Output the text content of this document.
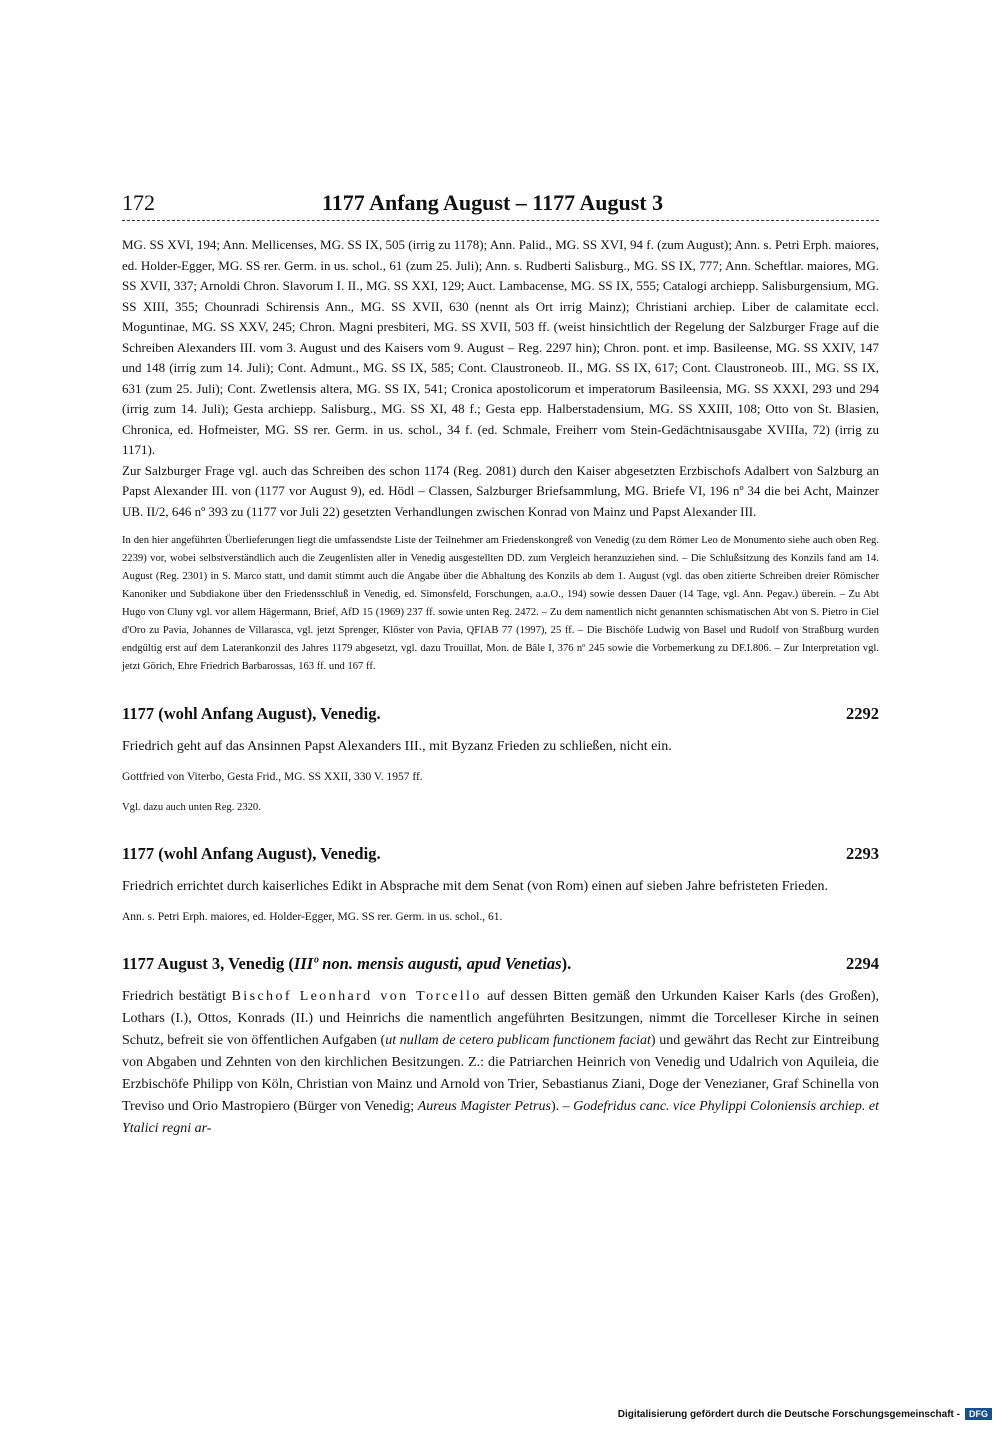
172	1177 Anfang August – 1177 August 3

MG. SS XVI, 194; Ann. Mellicenses, MG. SS IX, 505 (irrig zu 1178); Ann. Palid., MG. SS XVI, 94 f. (zum August); Ann. s. Petri Erph. maiores, ed. Holder-Egger, MG. SS rer. Germ. in us. schol., 61 (zum 25. Juli); Ann. s. Rudberti Salisburg., MG. SS IX, 777; Ann. Scheftlar. maiores, MG. SS XVII, 337; Arnoldi Chron. Slavorum I. II., MG. SS XXI, 129; Auct. Lambacense, MG. SS IX, 555; Catalogi archiepp. Salisburgensium, MG. SS XIII, 355; Chounradi Schirensis Ann., MG. SS XVII, 630 (nennt als Ort irrig Mainz); Christiani archiep. Liber de calamitate eccl. Moguntinae, MG. SS XXV, 245; Chron. Magni presbiteri, MG. SS XVII, 503 ff. (weist hinsichtlich der Regelung der Salzburger Frage auf die Schreiben Alexanders III. vom 3. August und des Kaisers vom 9. August – Reg. 2297 hin); Chron. pont. et imp. Basileense, MG. SS XXIV, 147 und 148 (irrig zum 14. Juli); Cont. Admunt., MG. SS IX, 585; Cont. Claustroneob. II., MG. SS IX, 617; Cont. Claustroneob. III., MG. SS IX, 631 (zum 25. Juli); Cont. Zwetlensis altera, MG. SS IX, 541; Cronica apostolicorum et imperatorum Basileensia, MG. SS XXXI, 293 und 294 (irrig zum 14. Juli); Gesta archiepp. Salisburg., MG. SS XI, 48 f.; Gesta epp. Halberstadensium, MG. SS XXIII, 108; Otto von St. Blasien, Chronica, ed. Hofmeister, MG. SS rer. Germ. in us. schol., 34 f. (ed. Schmale, Freiherr vom Stein-Gedächtnisausgabe XVIIIa, 72) (irrig zu 1171).

Zur Salzburger Frage vgl. auch das Schreiben des schon 1174 (Reg. 2081) durch den Kaiser abgesetzten Erzbischofs Adalbert von Salzburg an Papst Alexander III. von (1177 vor August 9), ed. Hödl – Classen, Salzburger Briefsammlung, MG. Briefe VI, 196 nº 34 die bei Acht, Mainzer UB. II/2, 646 nº 393 zu (1177 vor Juli 22) gesetzten Verhandlungen zwischen Konrad von Mainz und Papst Alexander III.

In den hier angeführten Überlieferungen liegt die umfassendste Liste der Teilnehmer am Friedenskongreß von Venedig (zu dem Römer Leo de Monumento siehe auch oben Reg. 2239) vor, wobei selbstverständlich auch die Zeugenlisten aller in Venedig ausgestellten DD. zum Vergleich heranzuziehen sind. – Die Schlußsitzung des Konzils fand am 14. August (Reg. 2301) in S. Marco statt, und damit stimmt auch die Angabe über die Abhaltung des Konzils ab dem 1. August (vgl. das oben zitierte Schreiben dreier Römischer Kanoniker und Subdiakone über den Friedensschluß in Venedig, ed. Simonsfeld, Forschungen, a.a.O., 194) sowie dessen Dauer (14 Tage, vgl. Ann. Pegav.) überein. – Zu Abt Hugo von Cluny vgl. vor allem Hägermann, Brief, AfD 15 (1969) 237 ff. sowie unten Reg. 2472. – Zu dem namentlich nicht genannten schismatischen Abt von S. Pietro in Ciel d'Oro zu Pavia, Johannes de Villarasca, vgl. jetzt Sprenger, Klöster von Pavia, QFIAB 77 (1997), 25 ff. – Die Bischöfe Ludwig von Basel und Rudolf von Straßburg wurden endgültig erst auf dem Laterankonzil des Jahres 1179 abgesetzt, vgl. dazu Trouillat, Mon. de Bâle I, 376 nº 245 sowie die Vorbemerkung zu DF.I.806. – Zur Interpretation vgl. jetzt Görich, Ehre Friedrich Barbarossas, 163 ff. und 167 ff.

1177 (wohl Anfang August), Venedig.	2292

Friedrich geht auf das Ansinnen Papst Alexanders III., mit Byzanz Frieden zu schließen, nicht ein.

Gottfried von Viterbo, Gesta Frid., MG. SS XXII, 330 V. 1957 ff.

Vgl. dazu auch unten Reg. 2320.

1177 (wohl Anfang August), Venedig.	2293

Friedrich errichtet durch kaiserliches Edikt in Absprache mit dem Senat (von Rom) einen auf sieben Jahre befristeten Frieden.

Ann. s. Petri Erph. maiores, ed. Holder-Egger, MG. SS rer. Germ. in us. schol., 61.

1177 August 3, Venedig (IIIº non. mensis augusti, apud Venetias).	2294

Friedrich bestätigt Bischof Leonhard von Torcello auf dessen Bitten gemäß den Urkunden Kaiser Karls (des Großen), Lothars (I.), Ottos, Konrads (II.) und Heinrichs die namentlich angeführten Besitzungen, nimmt die Torcelleser Kirche in seinen Schutz, befreit sie von öffentlichen Aufgaben (ut nullam de cetero publicam functionem faciat) und gewährt das Recht zur Eintreibung von Abgaben und Zehnten von den kirchlichen Besitzungen. Z.: die Patriarchen Heinrich von Venedig und Udalrich von Aquileia, die Erzbischöfe Philipp von Köln, Christian von Mainz und Arnold von Trier, Sebastianus Ziani, Doge der Venezianer, Graf Schinella von Treviso und Orio Mastropiero (Bürger von Venedig; Aureus Magister Petrus). – Godefridus canc. vice Phylippi Coloniensis archiep. et Ytalici regni ar-

Digitalisierung gefördert durch die Deutsche Forschungsgemeinschaft -	DFG
